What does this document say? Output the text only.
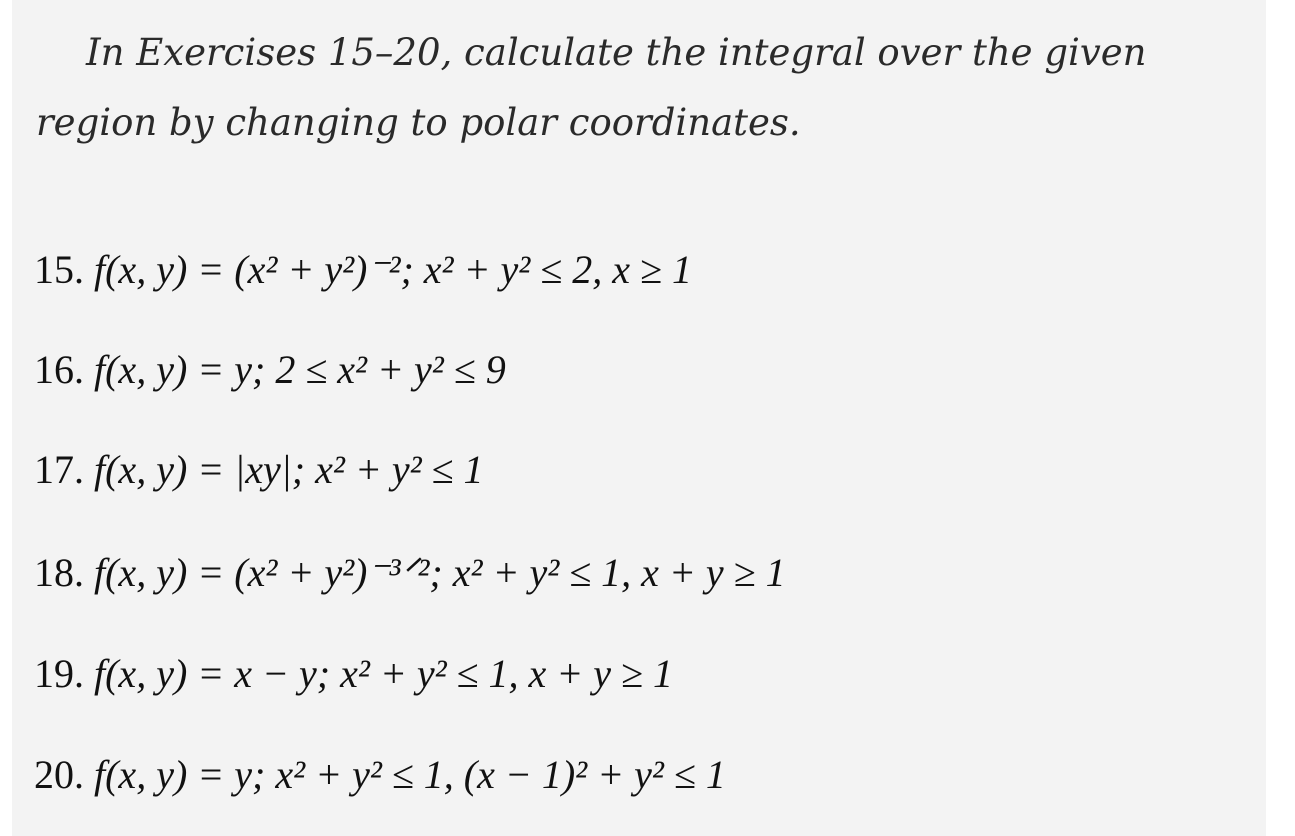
In Exercises 15–20, calculate the integral over the given region by changing to polar coordinates.

15. f(x, y) = (x² + y²)⁻²; x² + y² ≤ 2, x ≥ 1

16. f(x, y) = y; 2 ≤ x² + y² ≤ 9

17. f(x, y) = |xy|; x² + y² ≤ 1

18. f(x, y) = (x² + y²)⁻³ᐟ²; x² + y² ≤ 1, x + y ≥ 1

19. f(x, y) = x − y; x² + y² ≤ 1, x + y ≥ 1

20. f(x, y) = y; x² + y² ≤ 1, (x − 1)² + y² ≤ 1
